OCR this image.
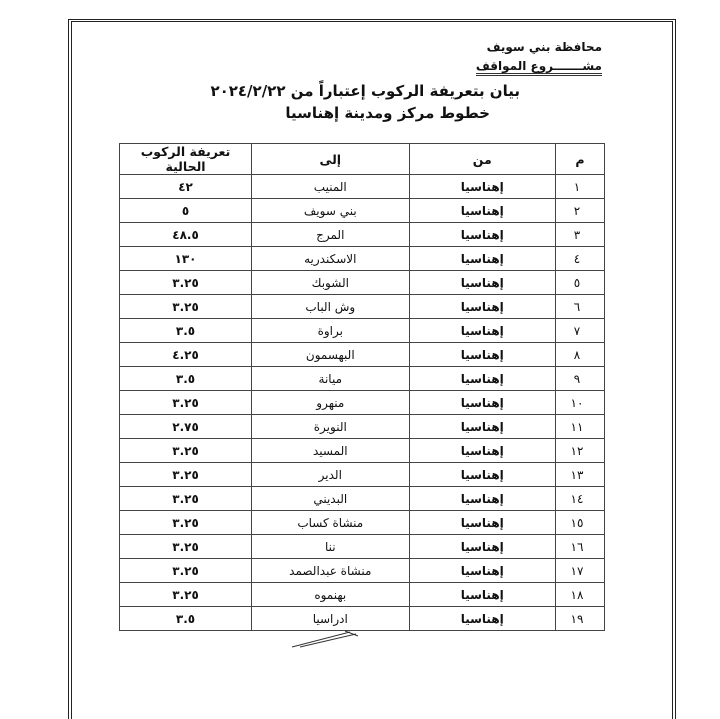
محافظة بني سويف
مشـــــــروع المواقف
بيان بتعريفة الركوب إعتباراً من ٢٠٢٤/٢/٢٢
خطوط مركز ومدينة إهناسيا
م	من	إلى	تعريفة الركوب الحالية
١	إهناسيا	المنيب	٤٢
٢	إهناسيا	بني سويف	٥
٣	إهناسيا	المرج	٤٨.٥
٤	إهناسيا	الاسكندريه	١٣٠
٥	إهناسيا	الشوبك	٣.٢٥
٦	إهناسيا	وش الباب	٣.٢٥
٧	إهناسيا	براوة	٣.٥
٨	إهناسيا	البهسمون	٤.٢٥
٩	إهناسيا	ميانة	٣.٥
١٠	إهناسيا	منهرو	٣.٢٥
١١	إهناسيا	النويرة	٢.٧٥
١٢	إهناسيا	المسيد	٣.٢٥
١٣	إهناسيا	الدير	٣.٢٥
١٤	إهناسيا	البديني	٣.٢٥
١٥	إهناسيا	منشاة كساب	٣.٢٥
١٦	إهناسيا	ننا	٣.٢٥
١٧	إهناسيا	منشاة عبدالصمد	٣.٢٥
١٨	إهناسيا	بهنموه	٣.٢٥
١٩	إهناسيا	ادراسيا	٣.٥
